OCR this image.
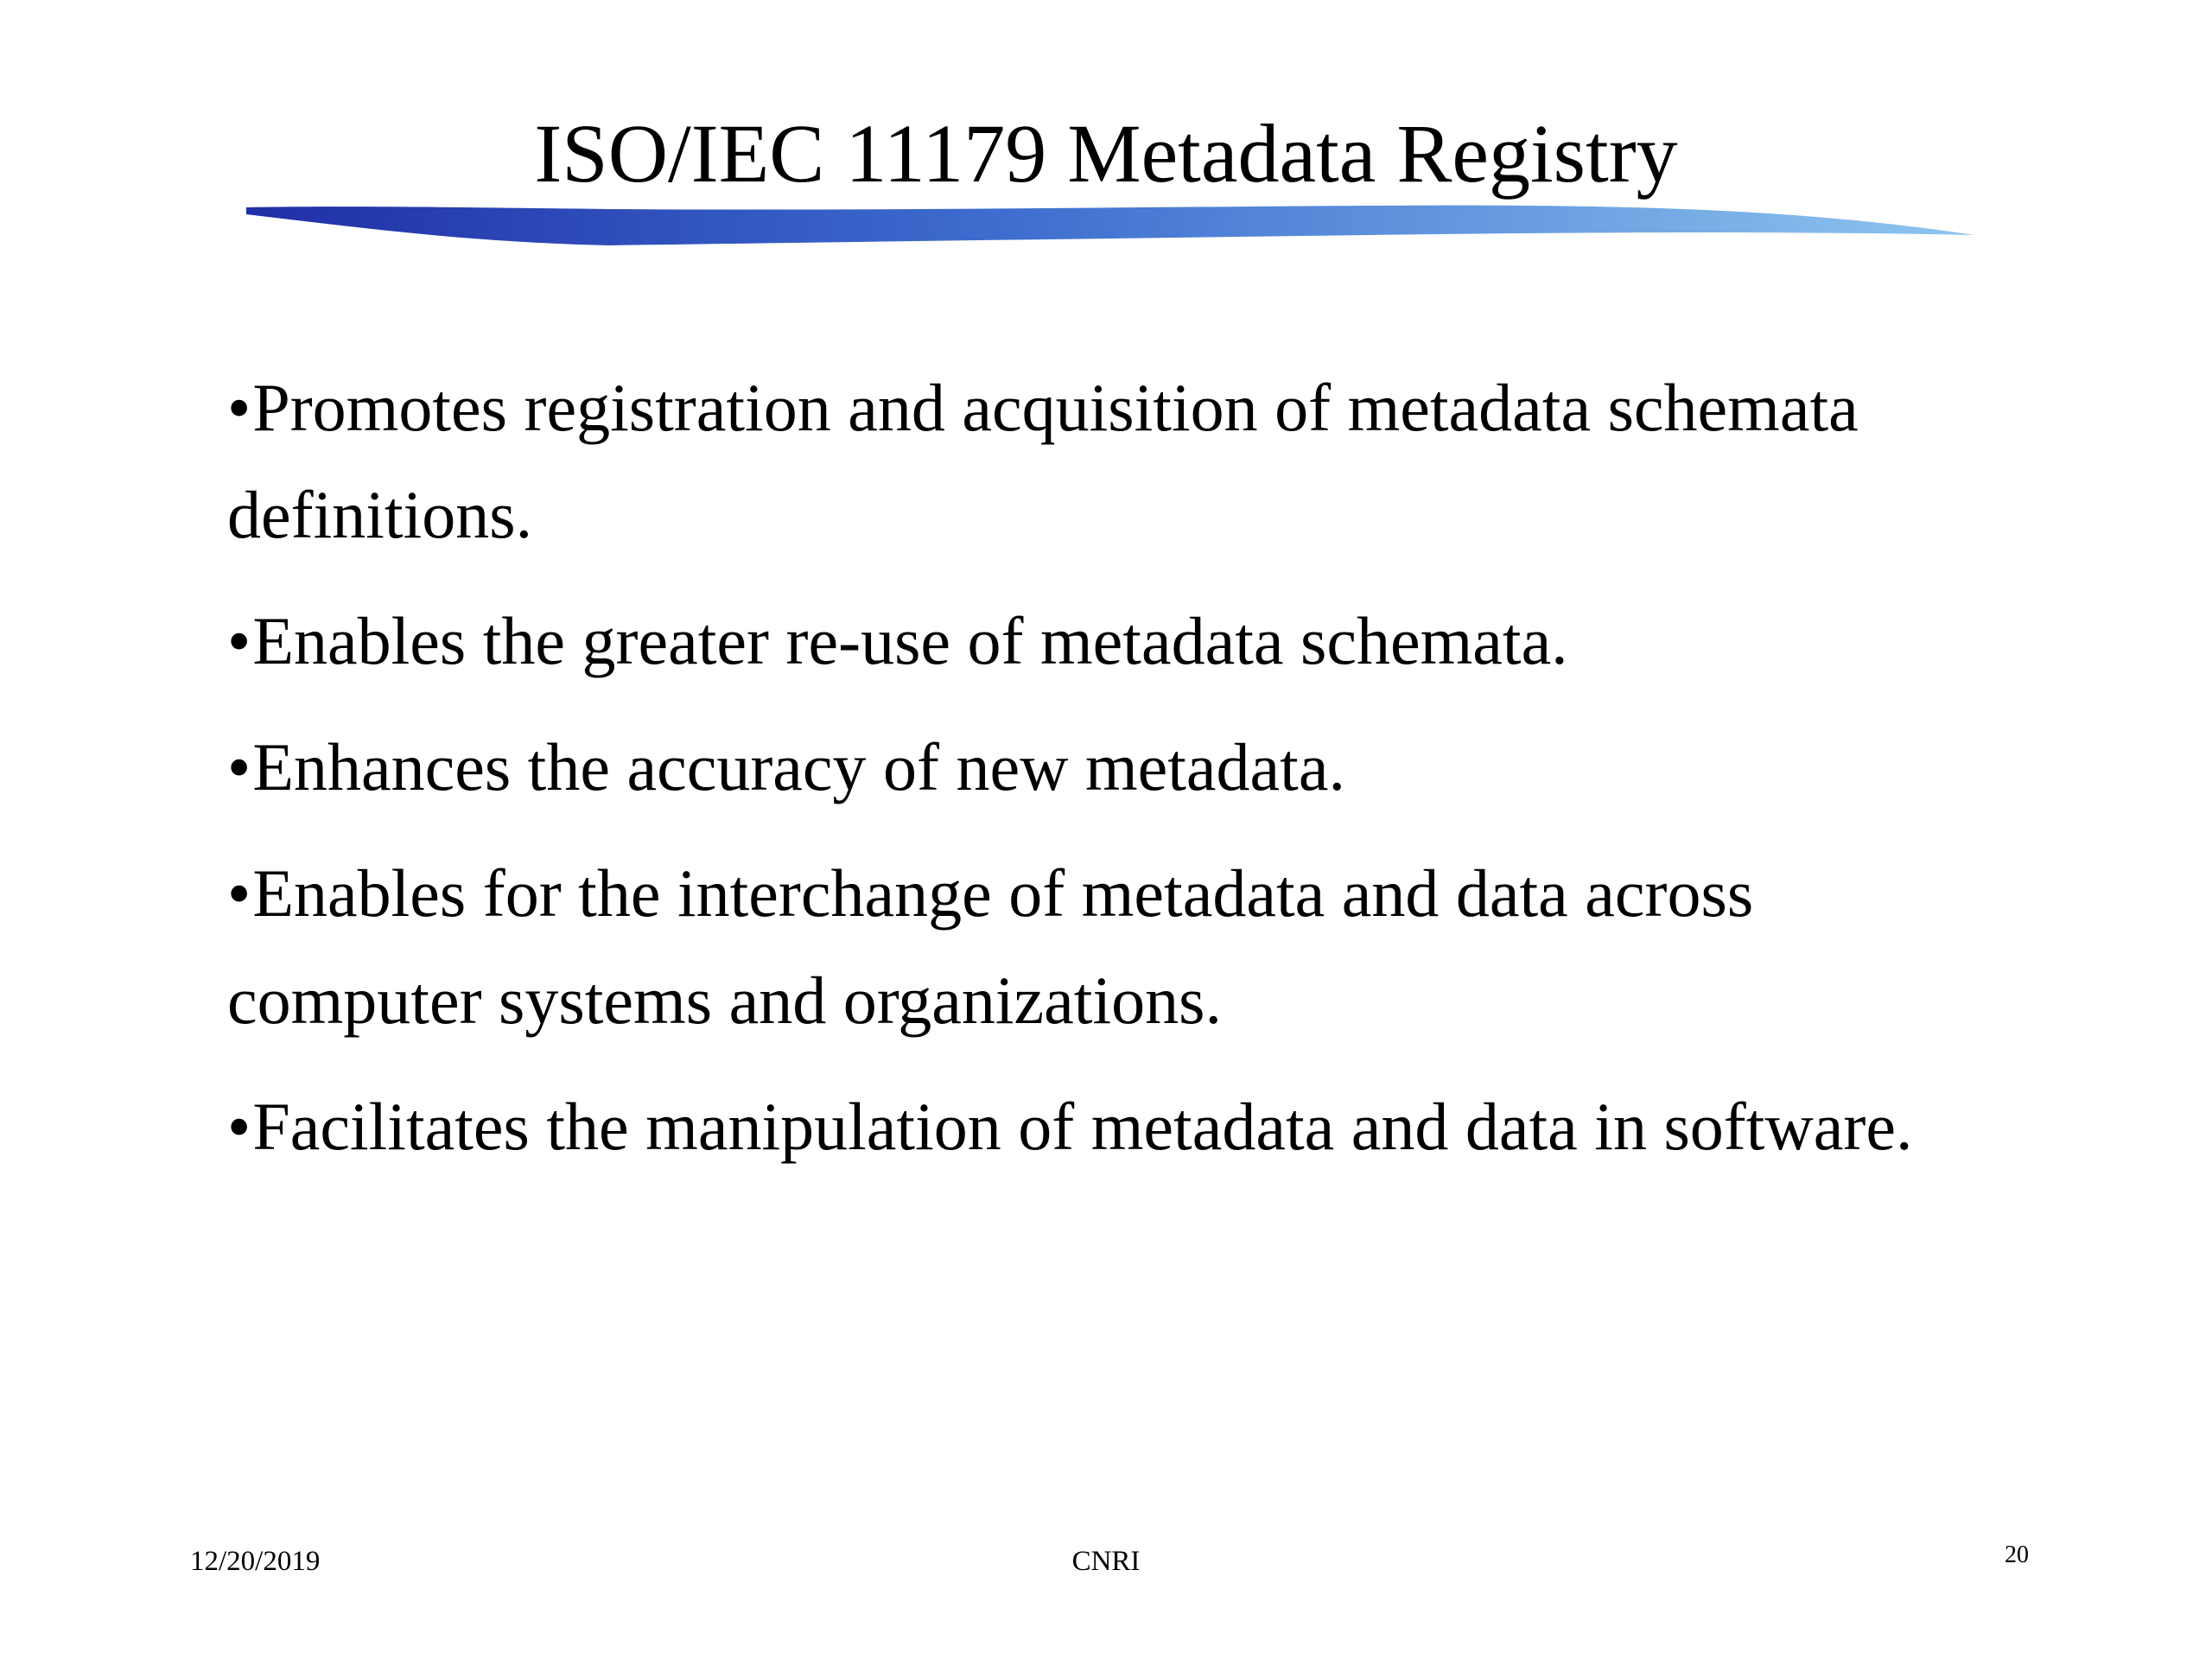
ISO/IEC 11179 Metadata Registry
•Promotes registration and acquisition of metadata schemata definitions.
•Enables the greater re-use of metadata schemata.
•Enhances the accuracy of new metadata.
•Enables for the interchange of metadata and data across computer systems and organizations.
•Facilitates the manipulation of metadata and data in software.
12/20/2019	CNRI	20
